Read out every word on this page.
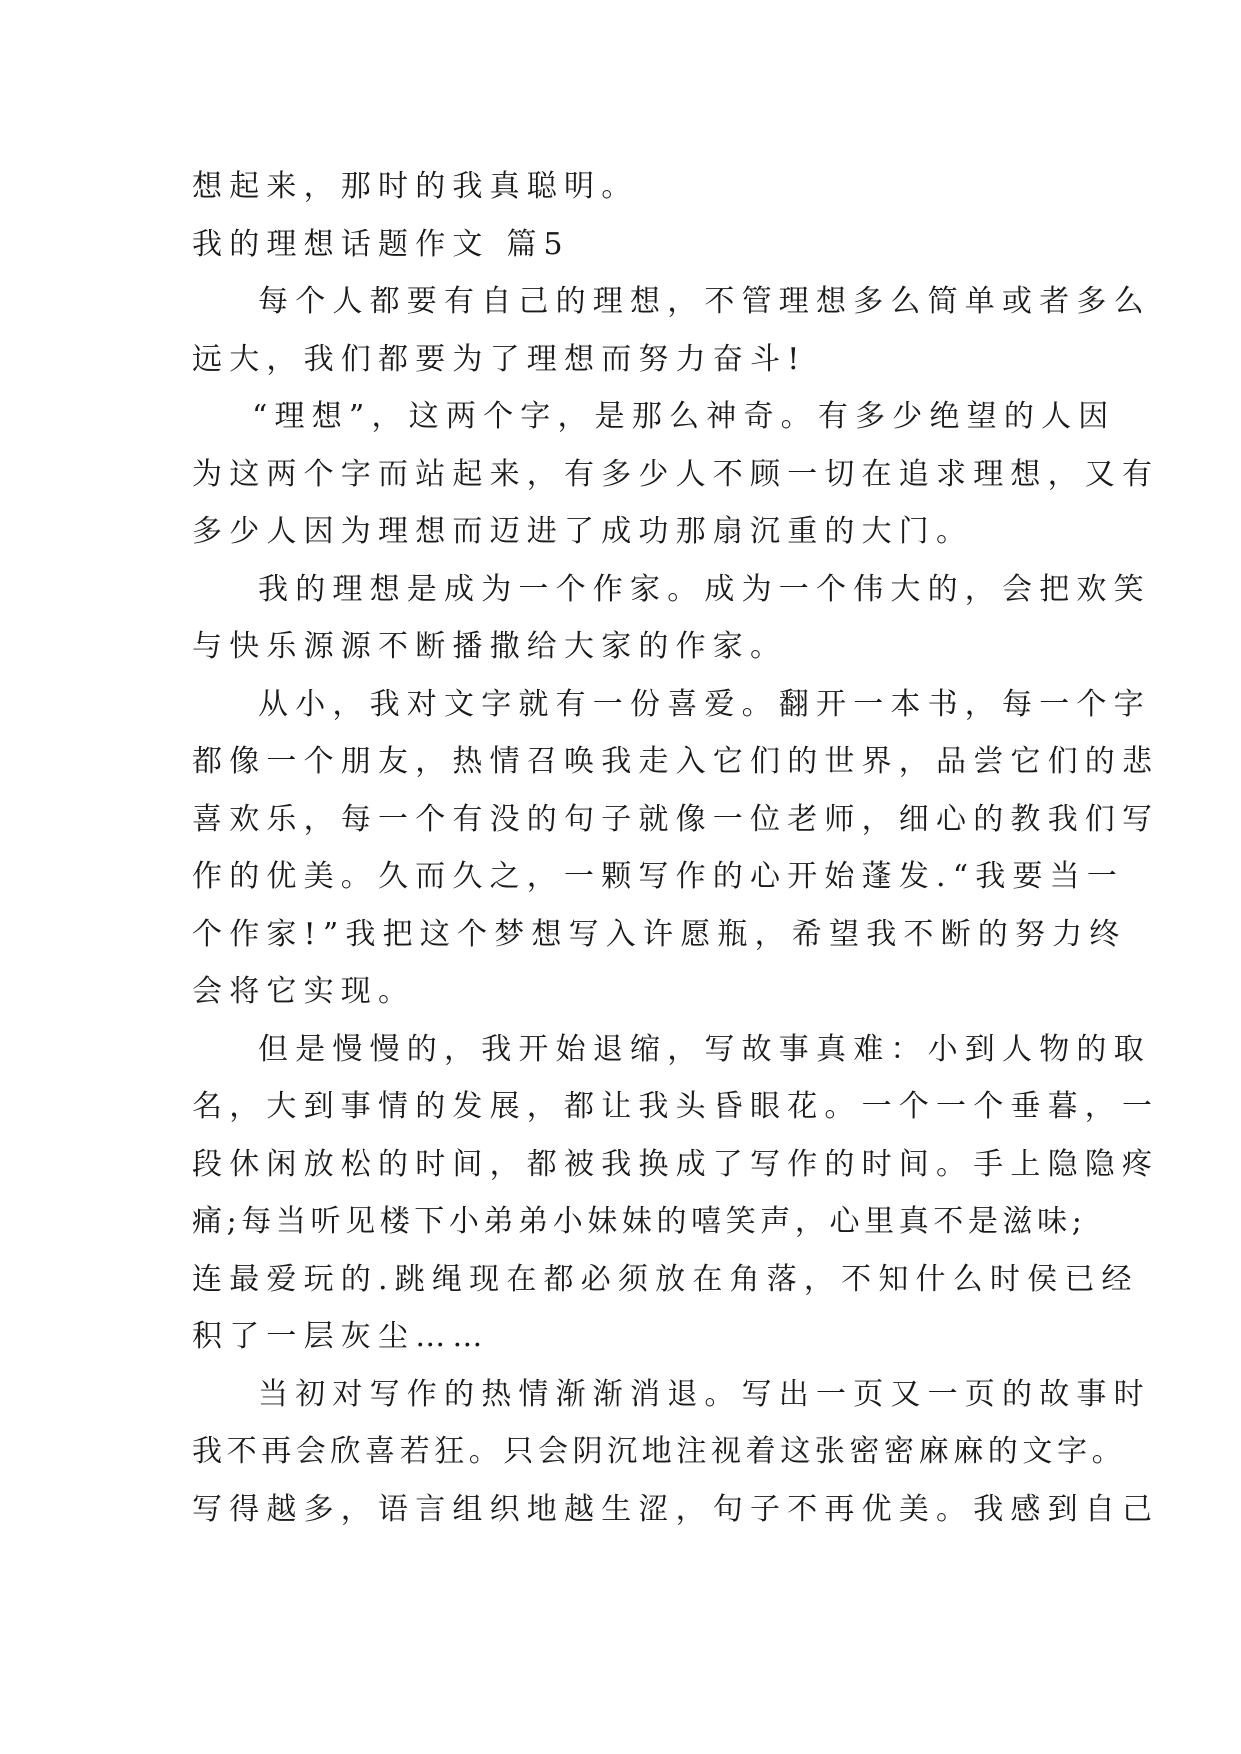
想起来，那时的我真聪明。

我的理想话题作文 篇5

每个人都要有自己的理想，不管理想多么简单或者多么

远大，我们都要为了理想而努力奋斗!

“理想”，这两个字，是那么神奇。有多少绝望的人因

为这两个字而站起来，有多少人不顾一切在追求理想，又有

多少人因为理想而迈进了成功那扇沉重的大门。

我的理想是成为一个作家。成为一个伟大的，会把欢笑

与快乐源源不断播撒给大家的作家。

从小，我对文字就有一份喜爱。翻开一本书，每一个字

都像一个朋友，热情召唤我走入它们的世界，品尝它们的悲

喜欢乐，每一个有没的句子就像一位老师，细心的教我们写

作的优美。久而久之，一颗写作的心开始蓬发.“我要当一

个作家!”我把这个梦想写入许愿瓶，希望我不断的努力终

会将它实现。

但是慢慢的，我开始退缩，写故事真难：小到人物的取

名，大到事情的发展，都让我头昏眼花。一个一个垂暮，一

段休闲放松的时间，都被我换成了写作的时间。手上隐隐疼

痛;每当听见楼下小弟弟小妹妹的嘻笑声，心里真不是滋味;

连最爱玩的.跳绳现在都必须放在角落，不知什么时侯已经

积了一层灰尘……

当初对写作的热情渐渐消退。写出一页又一页的故事时

我不再会欣喜若狂。只会阴沉地注视着这张密密麻麻的文字。

写得越多，语言组织地越生涩，句子不再优美。我感到自己
